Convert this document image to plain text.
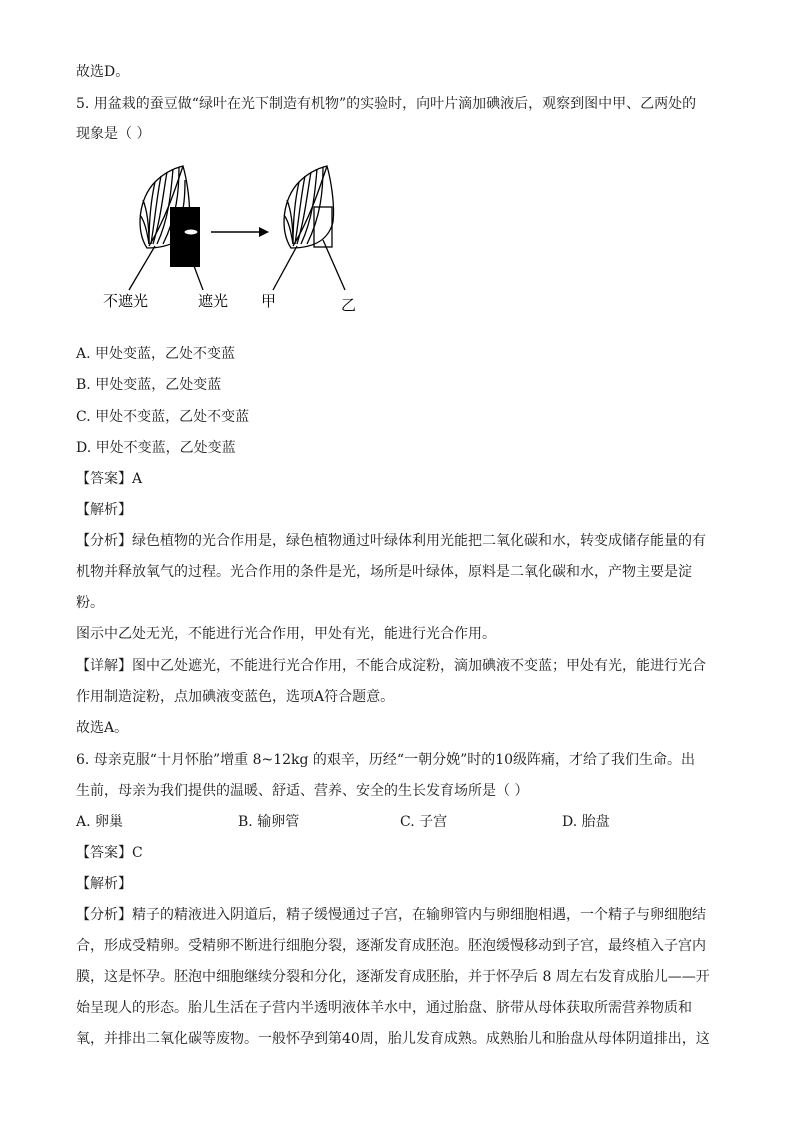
故选D。
5. 用盆栽的蚕豆做“绿叶在光下制造有机物”的实验时，向叶片滴加碘液后，观察到图中甲、乙两处的
现象是（ ）
不遮光	遮光 甲	乙
A. 甲处变蓝，乙处不变蓝
B. 甲处变蓝，乙处变蓝
C. 甲处不变蓝，乙处不变蓝
D. 甲处不变蓝，乙处变蓝
【答案】A
【解析】
【分析】绿色植物的光合作用是，绿色植物通过叶绿体利用光能把二氧化碳和水，转变成储存能量的有
机物并释放氧气的过程。光合作用的条件是光，场所是叶绿体，原料是二氧化碳和水，产物主要是淀
粉。
图示中乙处无光，不能进行光合作用，甲处有光，能进行光合作用。
【详解】图中乙处遮光，不能进行光合作用，不能合成淀粉，滴加碘液不变蓝；甲处有光，能进行光合
作用制造淀粉，点加碘液变蓝色，选项A符合题意。
故选A。
6. 母亲克服“十月怀胎”增重 8~12kg 的艰辛，历经“一朝分娩”时的10级阵痛，才给了我们生命。出
生前，母亲为我们提供的温暖、舒适、营养、安全的生长发育场所是（ ）
A. 卵巢	B. 输卵管	C. 子宫	D. 胎盘
【答案】C
【解析】
【分析】精子的精液进入阴道后，精子缓慢通过子宫，在输卵管内与卵细胞相遇，一个精子与卵细胞结
合，形成受精卵。受精卵不断进行细胞分裂，逐渐发育成胚泡。胚泡缓慢移动到子宫，最终植入子宫内
膜，这是怀孕。胚泡中细胞继续分裂和分化，逐渐发育成胚胎，并于怀孕后 8 周左右发育成胎儿——开
始呈现人的形态。胎儿生活在子营内半透明液体羊水中，通过胎盘、脐带从母体获取所需营养物质和
氧，并排出二氧化碳等废物。一般怀孕到第40周，胎儿发育成熟。成熟胎儿和胎盘从母体阴道排出，这
